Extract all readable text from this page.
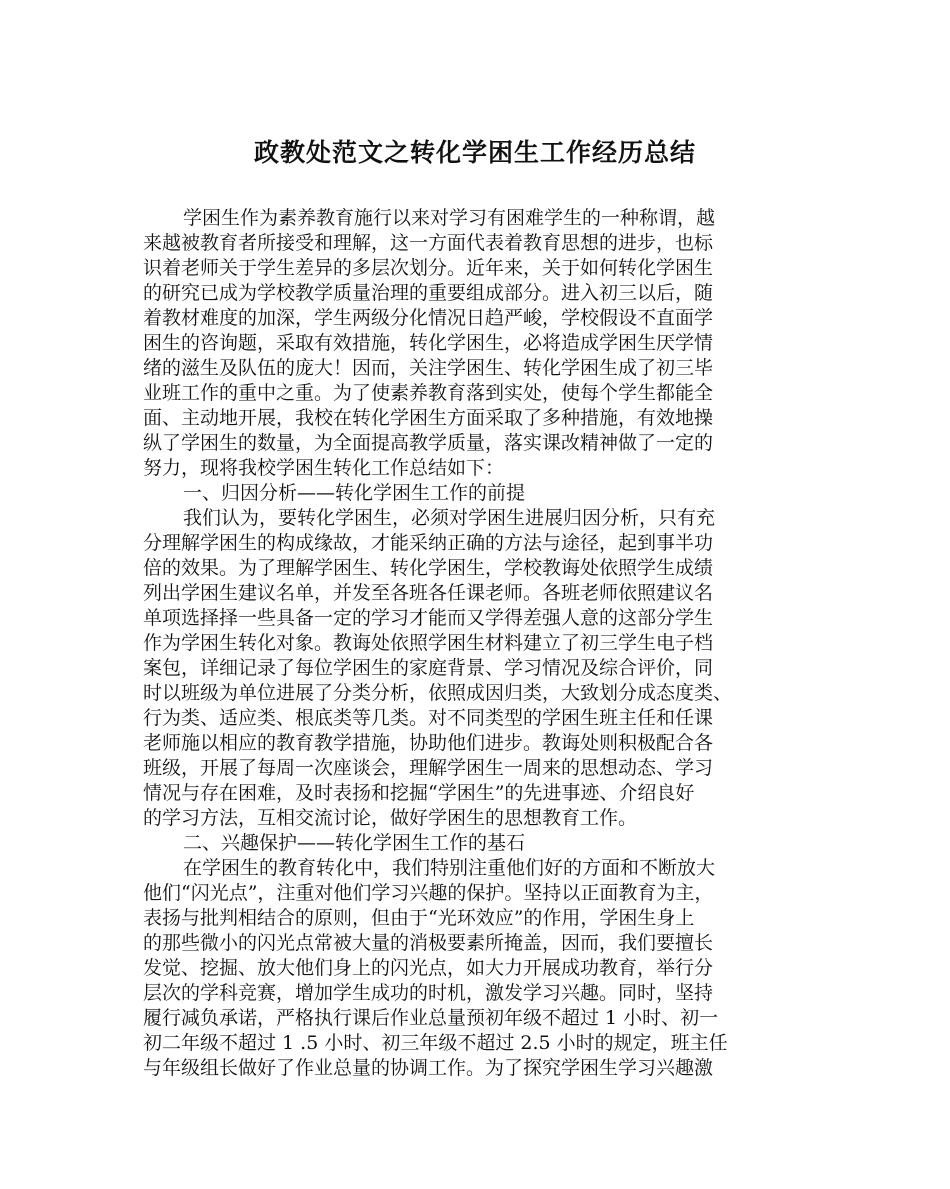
政教处范文之转化学困生工作经历总结
学困生作为素养教育施行以来对学习有困难学生的一种称谓，越
来越被教育者所接受和理解，这一方面代表着教育思想的进步，也标
识着老师关于学生差异的多层次划分。近年来，关于如何转化学困生
的研究已成为学校教学质量治理的重要组成部分。进入初三以后，随
着教材难度的加深，学生两级分化情况日趋严峻，学校假设不直面学
困生的咨询题，采取有效措施，转化学困生，必将造成学困生厌学情
绪的滋生及队伍的庞大！因而，关注学困生、转化学困生成了初三毕
业班工作的重中之重。为了使素养教育落到实处，使每个学生都能全
面、主动地开展，我校在转化学困生方面采取了多种措施，有效地操
纵了学困生的数量，为全面提高教学质量，落实课改精神做了一定的
努力，现将我校学困生转化工作总结如下：
一、归因分析——转化学困生工作的前提
我们认为，要转化学困生，必须对学困生进展归因分析，只有充
分理解学困生的构成缘故，才能采纳正确的方法与途径，起到事半功
倍的效果。为了理解学困生、转化学困生，学校教诲处依照学生成绩
列出学困生建议名单，并发至各班各任课老师。各班老师依照建议名
单项选择择一些具备一定的学习才能而又学得差强人意的这部分学生
作为学困生转化对象。教诲处依照学困生材料建立了初三学生电子档
案包，详细记录了每位学困生的家庭背景、学习情况及综合评价，同
时以班级为单位进展了分类分析，依照成因归类，大致划分成态度类、
行为类、适应类、根底类等几类。对不同类型的学困生班主任和任课
老师施以相应的教育教学措施，协助他们进步。教诲处则积极配合各
班级，开展了每周一次座谈会，理解学困生一周来的思想动态、学习
情况与存在困难，及时表扬和挖掘“学困生”的先进事迹、介绍良好
的学习方法，互相交流讨论，做好学困生的思想教育工作。
二、兴趣保护——转化学困生工作的基石
在学困生的教育转化中，我们特别注重他们好的方面和不断放大
他们“闪光点”，注重对他们学习兴趣的保护。坚持以正面教育为主，
表扬与批判相结合的原则，但由于“光环效应”的作用，学困生身上
的那些微小的闪光点常被大量的消极要素所掩盖，因而，我们要擅长
发觉、挖掘、放大他们身上的闪光点，如大力开展成功教育，举行分
层次的学科竞赛，增加学生成功的时机，激发学习兴趣。同时，坚持
履行减负承诺，严格执行课后作业总量预初年级不超过 1 小时、初一
初二年级不超过 1 .5 小时、初三年级不超过 2.5 小时的规定，班主任
与年级组长做好了作业总量的协调工作。为了探究学困生学习兴趣激
